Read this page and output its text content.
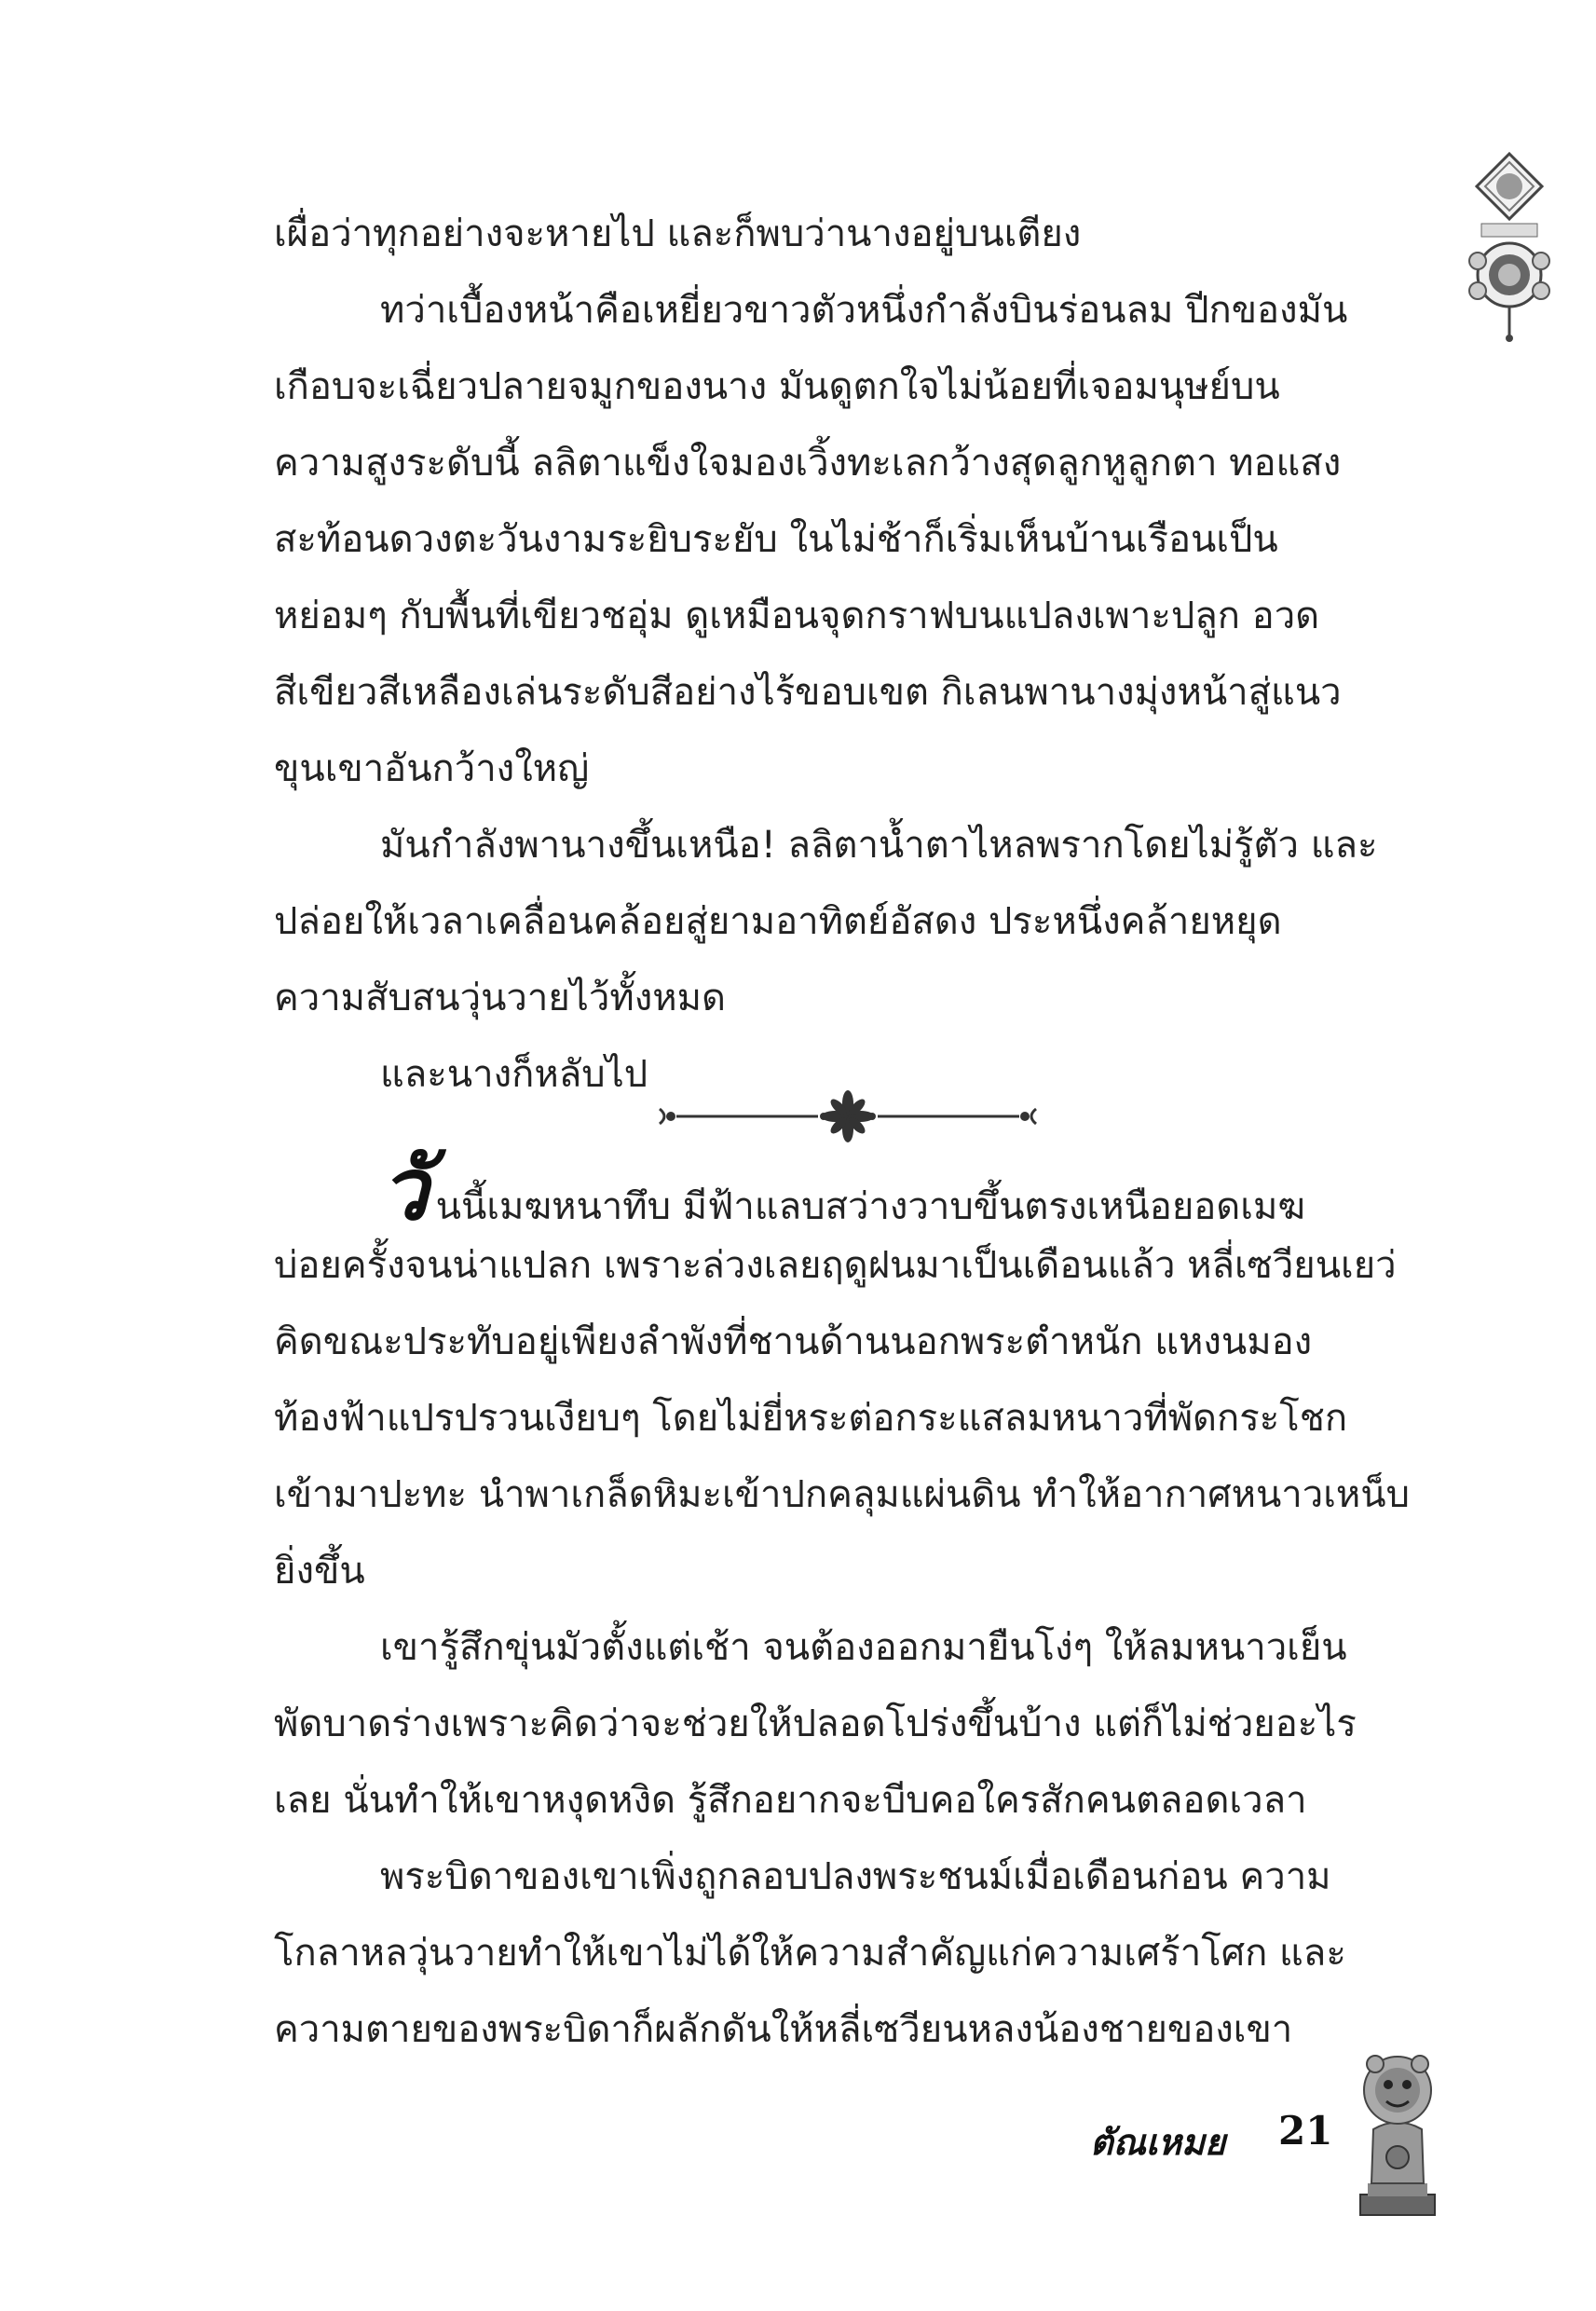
เผื่อว่าทุกอย่างจะหายไป และก็พบว่านางอยู่บนเตียง
ทว่าเบื้องหน้าคือเหยี่ยวขาวตัวหนึ่งกำลังบินร่อนลม ปีกของมัน
เกือบจะเฉี่ยวปลายจมูกของนาง มันดูตกใจไม่น้อยที่เจอมนุษย์บน
ความสูงระดับนี้ ลลิตาแข็งใจมองเวิ้งทะเลกว้างสุดลูกหูลูกตา ทอแสง
สะท้อนดวงตะวันงามระยิบระยับ ในไม่ช้าก็เริ่มเห็นบ้านเรือนเป็น
หย่อมๆ กับพื้นที่เขียวชอุ่ม ดูเหมือนจุดกราฟบนแปลงเพาะปลูก อวด
สีเขียวสีเหลืองเล่นระดับสีอย่างไร้ขอบเขต กิเลนพานางมุ่งหน้าสู่แนว
ขุนเขาอันกว้างใหญ่
มันกำลังพานางขึ้นเหนือ! ลลิตาน้ำตาไหลพรากโดยไม่รู้ตัว และ
ปล่อยให้เวลาเคลื่อนคล้อยสู่ยามอาทิตย์อัสดง ประหนึ่งคล้ายหยุด
ความสับสนวุ่นวายไว้ทั้งหมด
และนางก็หลับไป
วันนี้เมฆหนาทึบ มีฟ้าแลบสว่างวาบขึ้นตรงเหนือยอดเมฆ
บ่อยครั้งจนน่าแปลก เพราะล่วงเลยฤดูฝนมาเป็นเดือนแล้ว หลี่เซวียนเยว่
คิดขณะประทับอยู่เพียงลำพังที่ชานด้านนอกพระตำหนัก แหงนมอง
ท้องฟ้าแปรปรวนเงียบๆ โดยไม่ยี่หระต่อกระแสลมหนาวที่พัดกระโชก
เข้ามาปะทะ นำพาเกล็ดหิมะเข้าปกคลุมแผ่นดิน ทำให้อากาศหนาวเหน็บ
ยิ่งขึ้น
เขารู้สึกขุ่นมัวตั้งแต่เช้า จนต้องออกมายืนโง่ๆ ให้ลมหนาวเย็น
พัดบาดร่างเพราะคิดว่าจะช่วยให้ปลอดโปร่งขึ้นบ้าง แต่ก็ไม่ช่วยอะไร
เลย นั่นทำให้เขาหงุดหงิด รู้สึกอยากจะบีบคอใครสักคนตลอดเวลา
พระบิดาของเขาเพิ่งถูกลอบปลงพระชนม์เมื่อเดือนก่อน ความ
โกลาหลวุ่นวายทำให้เขาไม่ได้ให้ความสำคัญแก่ความเศร้าโศก และ
ความตายของพระบิดาก็ผลักดันให้หลี่เซวียนหลงน้องชายของเขา
ตัณเหมย 21
